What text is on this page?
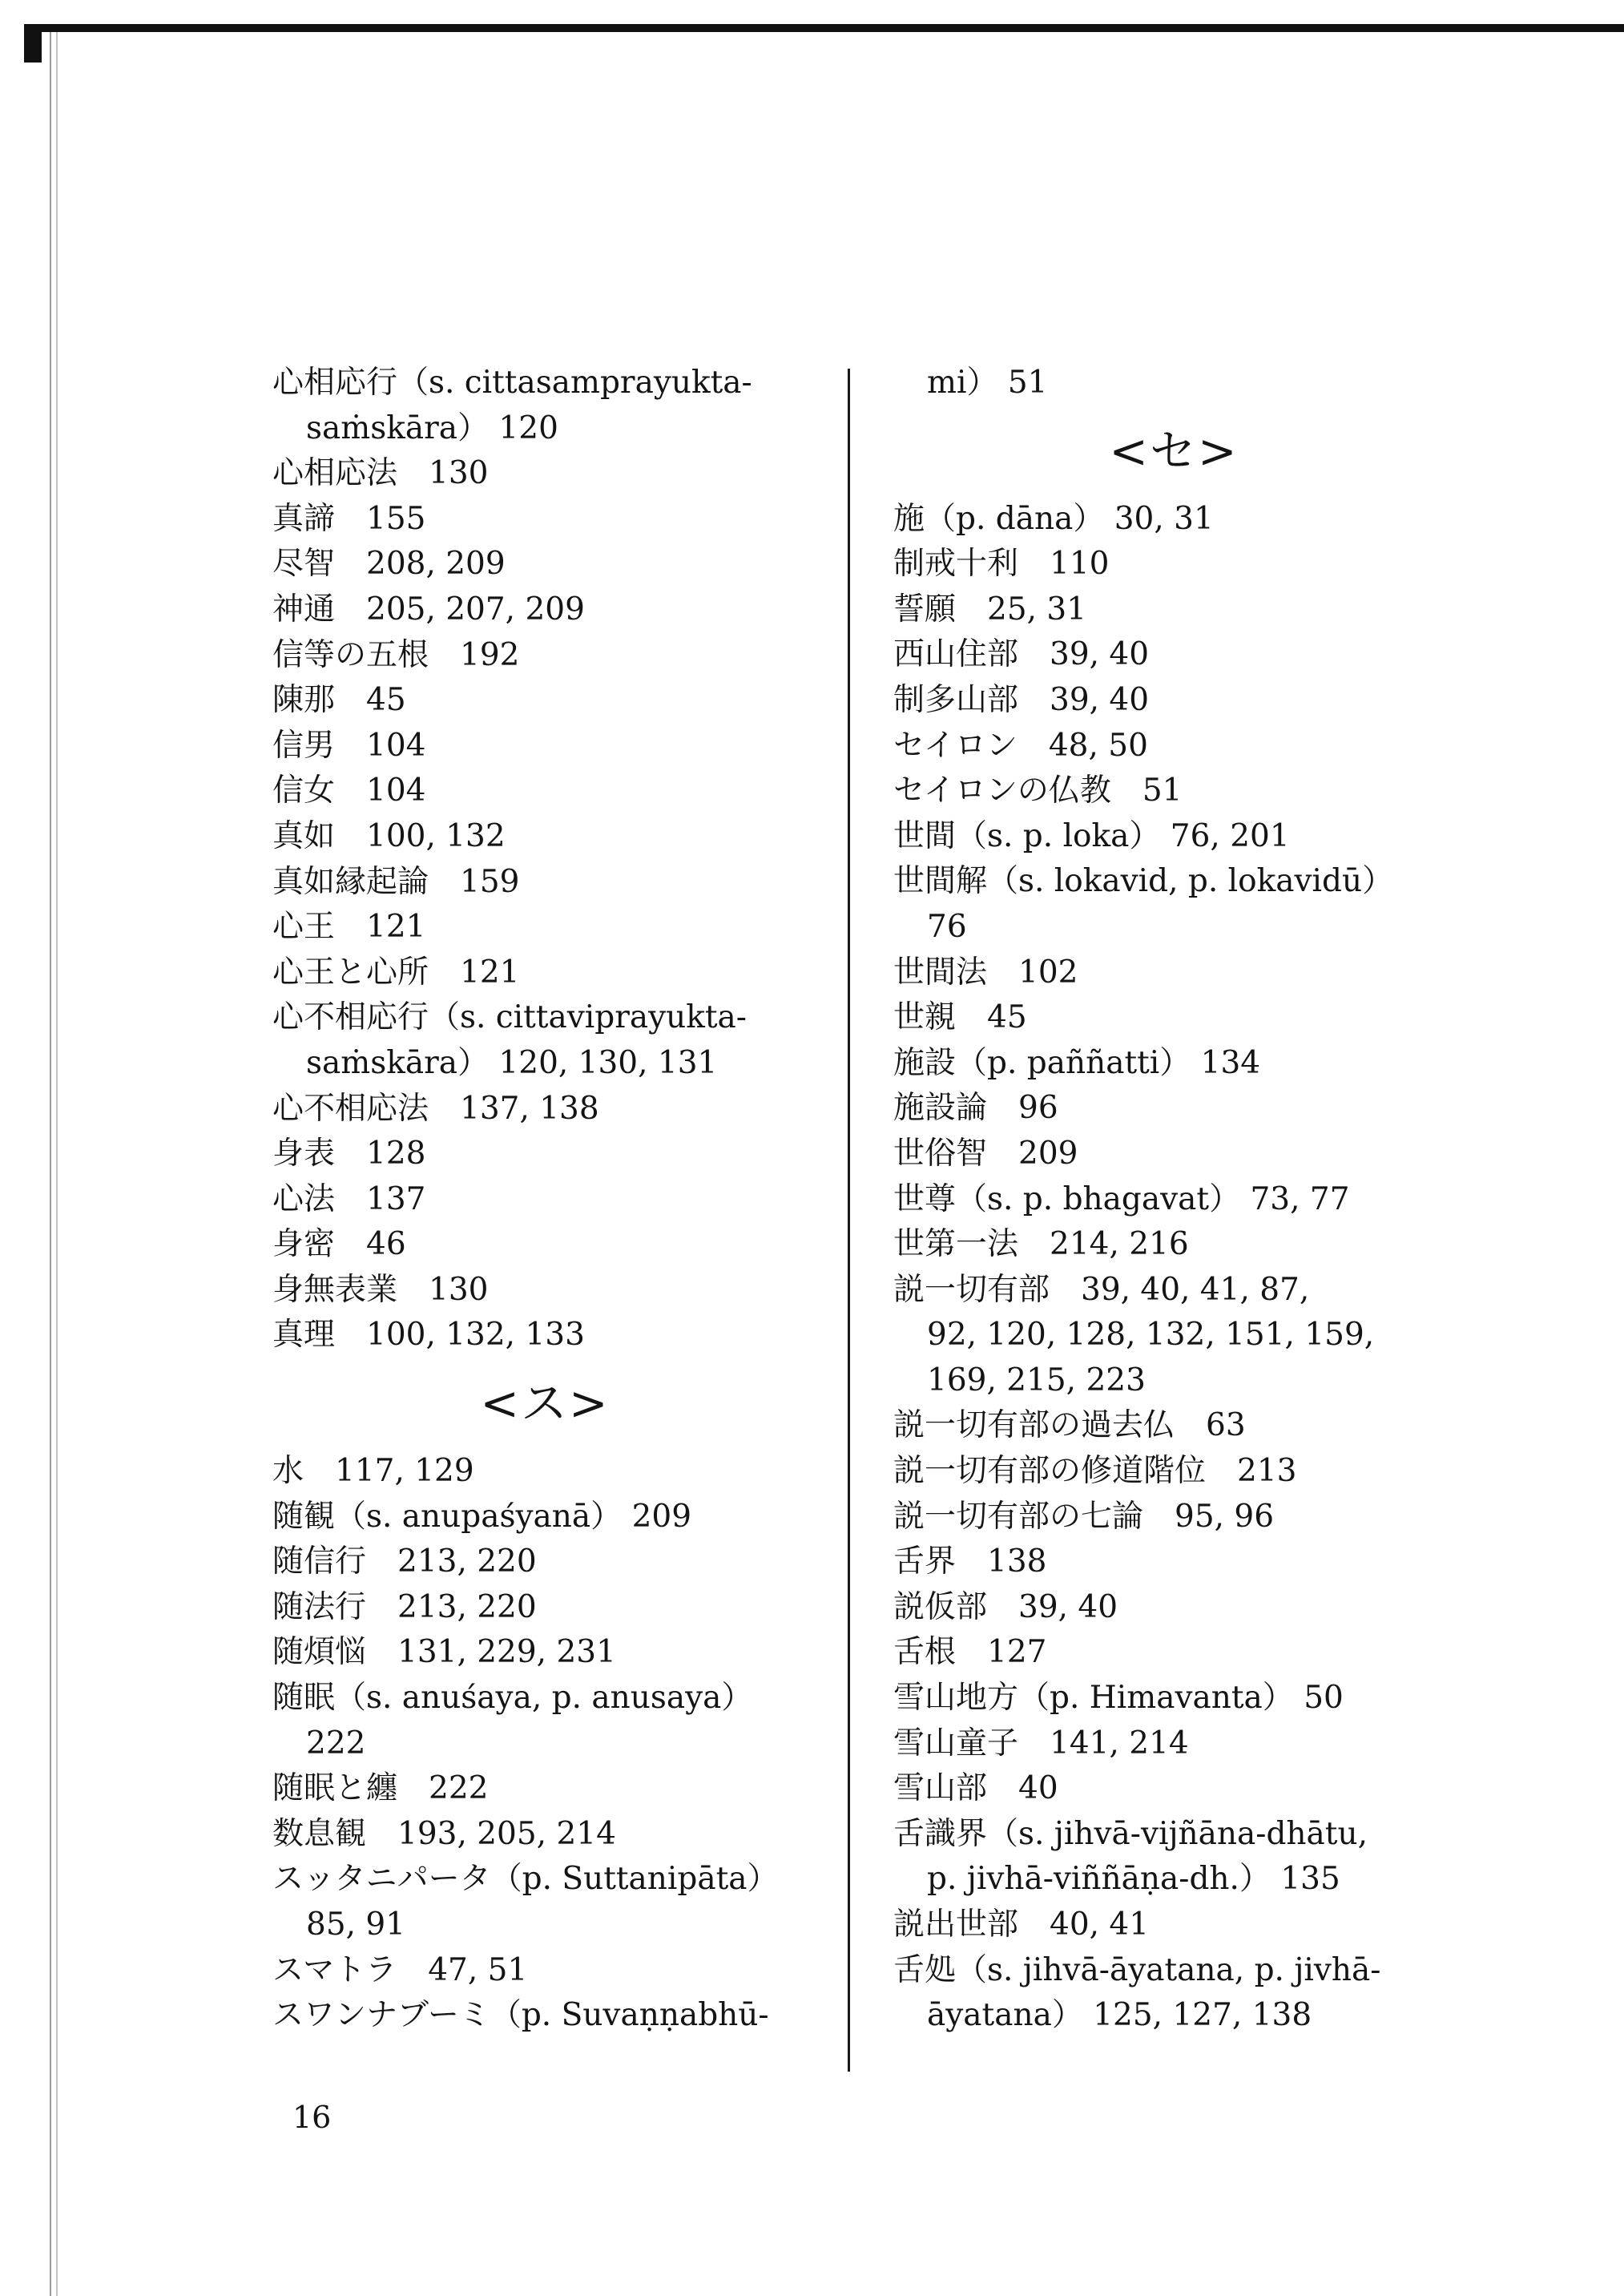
心相応行（s. cittasamprayukta-
saṁskāra） 120
心相応法　130
真諦　155
尽智　208, 209
神通　205, 207, 209
信等の五根　192
陳那　45
信男　104
信女　104
真如　100, 132
真如縁起論　159
心王　121
心王と心所　121
心不相応行（s. cittaviprayukta-
saṁskāra） 120, 130, 131
心不相応法　137, 138
身表　128
心法　137
身密　46
身無表業　130
真理　100, 132, 133
<ス>
水　117, 129
随観（s. anupaśyanā） 209
随信行　213, 220
随法行　213, 220
随煩悩　131, 229, 231
随眠（s. anuśaya, p. anusaya）
222
随眠と纏　222
数息観　193, 205, 214
スッタニパータ（p. Suttanipāta）
85, 91
スマトラ　47, 51
スワンナブーミ（p. Suvaṇṇabhū-
mi） 51
<セ>
施（p. dāna） 30, 31
制戒十利　110
誓願　25, 31
西山住部　39, 40
制多山部　39, 40
セイロン　48, 50
セイロンの仏教　51
世間（s. p. loka） 76, 201
世間解（s. lokavid, p. lokavidū）
76
世間法　102
世親　45
施設（p. paññatti） 134
施設論　96
世俗智　209
世尊（s. p. bhagavat） 73, 77
世第一法　214, 216
説一切有部　39, 40, 41, 87,
92, 120, 128, 132, 151, 159,
169, 215, 223
説一切有部の過去仏　63
説一切有部の修道階位　213
説一切有部の七論　95, 96
舌界　138
説仮部　39, 40
舌根　127
雪山地方（p. Himavanta） 50
雪山童子　141, 214
雪山部　40
舌識界（s. jihvā-vijñāna-dhātu,
p. jivhā-viññāṇa-dh.） 135
説出世部　40, 41
舌処（s. jihvā-āyatana, p. jivhā-
āyatana） 125, 127, 138
16
